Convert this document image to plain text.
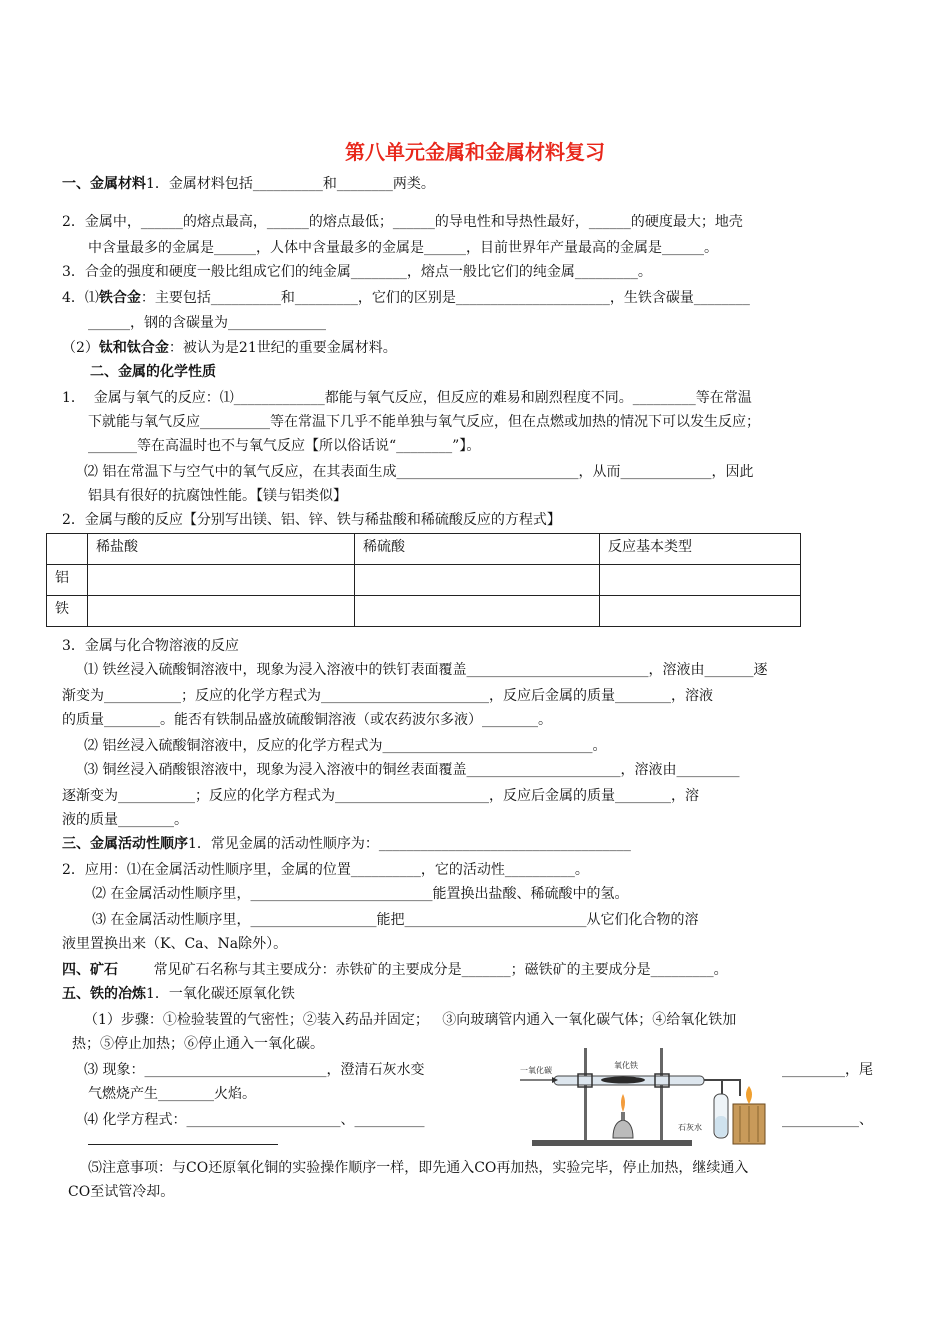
第八单元金属和金属材料复习
一、金属材料1．金属材料包括__________和________两类。
2．金属中，______的熔点最高，______的熔点最低；______的导电性和导热性最好，______的硬度最大；地壳
中含量最多的金属是______，人体中含量最多的金属是______，目前世界年产量最高的金属是______。
3．合金的强度和硬度一般比组成它们的纯金属________，熔点一般比它们的纯金属_________。
4．⑴铁合金：主要包括__________和_________，它们的区别是______________________，生铁含碳量________
______，钢的含碳量为______________
（2）钛和钛合金：被认为是21世纪的重要金属材料。
二、金属的化学性质
1．  金属与氧气的反应：⑴_____________都能与氧气反应，但反应的难易和剧烈程度不同。_________等在常温
下就能与氧气反应__________等在常温下几乎不能单独与氧气反应，但在点燃或加热的情况下可以发生反应；
_______等在高温时也不与氧气反应【所以俗话说“________”】。
⑵ 铝在常温下与空气中的氧气反应，在其表面生成__________________________，从而_____________，因此
铝具有很好的抗腐蚀性能。【镁与铝类似】
2．金属与酸的反应【分别写出镁、铝、锌、铁与稀盐酸和稀硫酸反应的方程式】
	稀盐酸	稀硫酸	反应基本类型
铝			
铁			
3．金属与化合物溶液的反应
⑴ 铁丝浸入硫酸铜溶液中，现象为浸入溶液中的铁钉表面覆盖__________________________，溶液由_______逐
渐变为___________；反应的化学方程式为________________________，反应后金属的质量________，溶液
的质量________。能否有铁制品盛放硫酸铜溶液（或农药波尔多液）________。
⑵ 铝丝浸入硫酸铜溶液中，反应的化学方程式为______________________________。
⑶ 铜丝浸入硝酸银溶液中，现象为浸入溶液中的铜丝表面覆盖______________________，溶液由_________
逐渐变为___________；反应的化学方程式为______________________，反应后金属的质量________，溶
液的质量________。
三、金属活动性顺序1．常见金属的活动性顺序为：____________________________________
2．应用：⑴在金属活动性顺序里，金属的位置__________，它的活动性__________。
⑵ 在金属活动性顺序里，__________________________能置换出盐酸、稀硫酸中的氢。
⑶ 在金属活动性顺序里，__________________能把__________________________从它们化合物的溶
液里置换出来（K、Ca、Na除外）。
四、矿石	常见矿石名称与其主要成分：赤铁矿的主要成分是_______；磁铁矿的主要成分是_________。
五、铁的冶炼1．一氧化碳还原氧化铁
（1）步骤：①检验装置的气密性；②装入药品并固定；   ③向玻璃管内通入一氧化碳气体；④给氧化铁加
热；⑤停止加热；⑥停止通入一氧化碳。
⑶ 现象：__________________________，澄清石灰水变	_________，尾
气燃烧产生________火焰。
⑷ 化学方程式：______________________、__________	___________、
⑸注意事项：与CO还原氧化铜的实验操作顺序一样，即先通入CO再加热，实验完毕，停止加热，继续通入
CO至试管冷却。
一氧化碳
氧化铁
石灰水
